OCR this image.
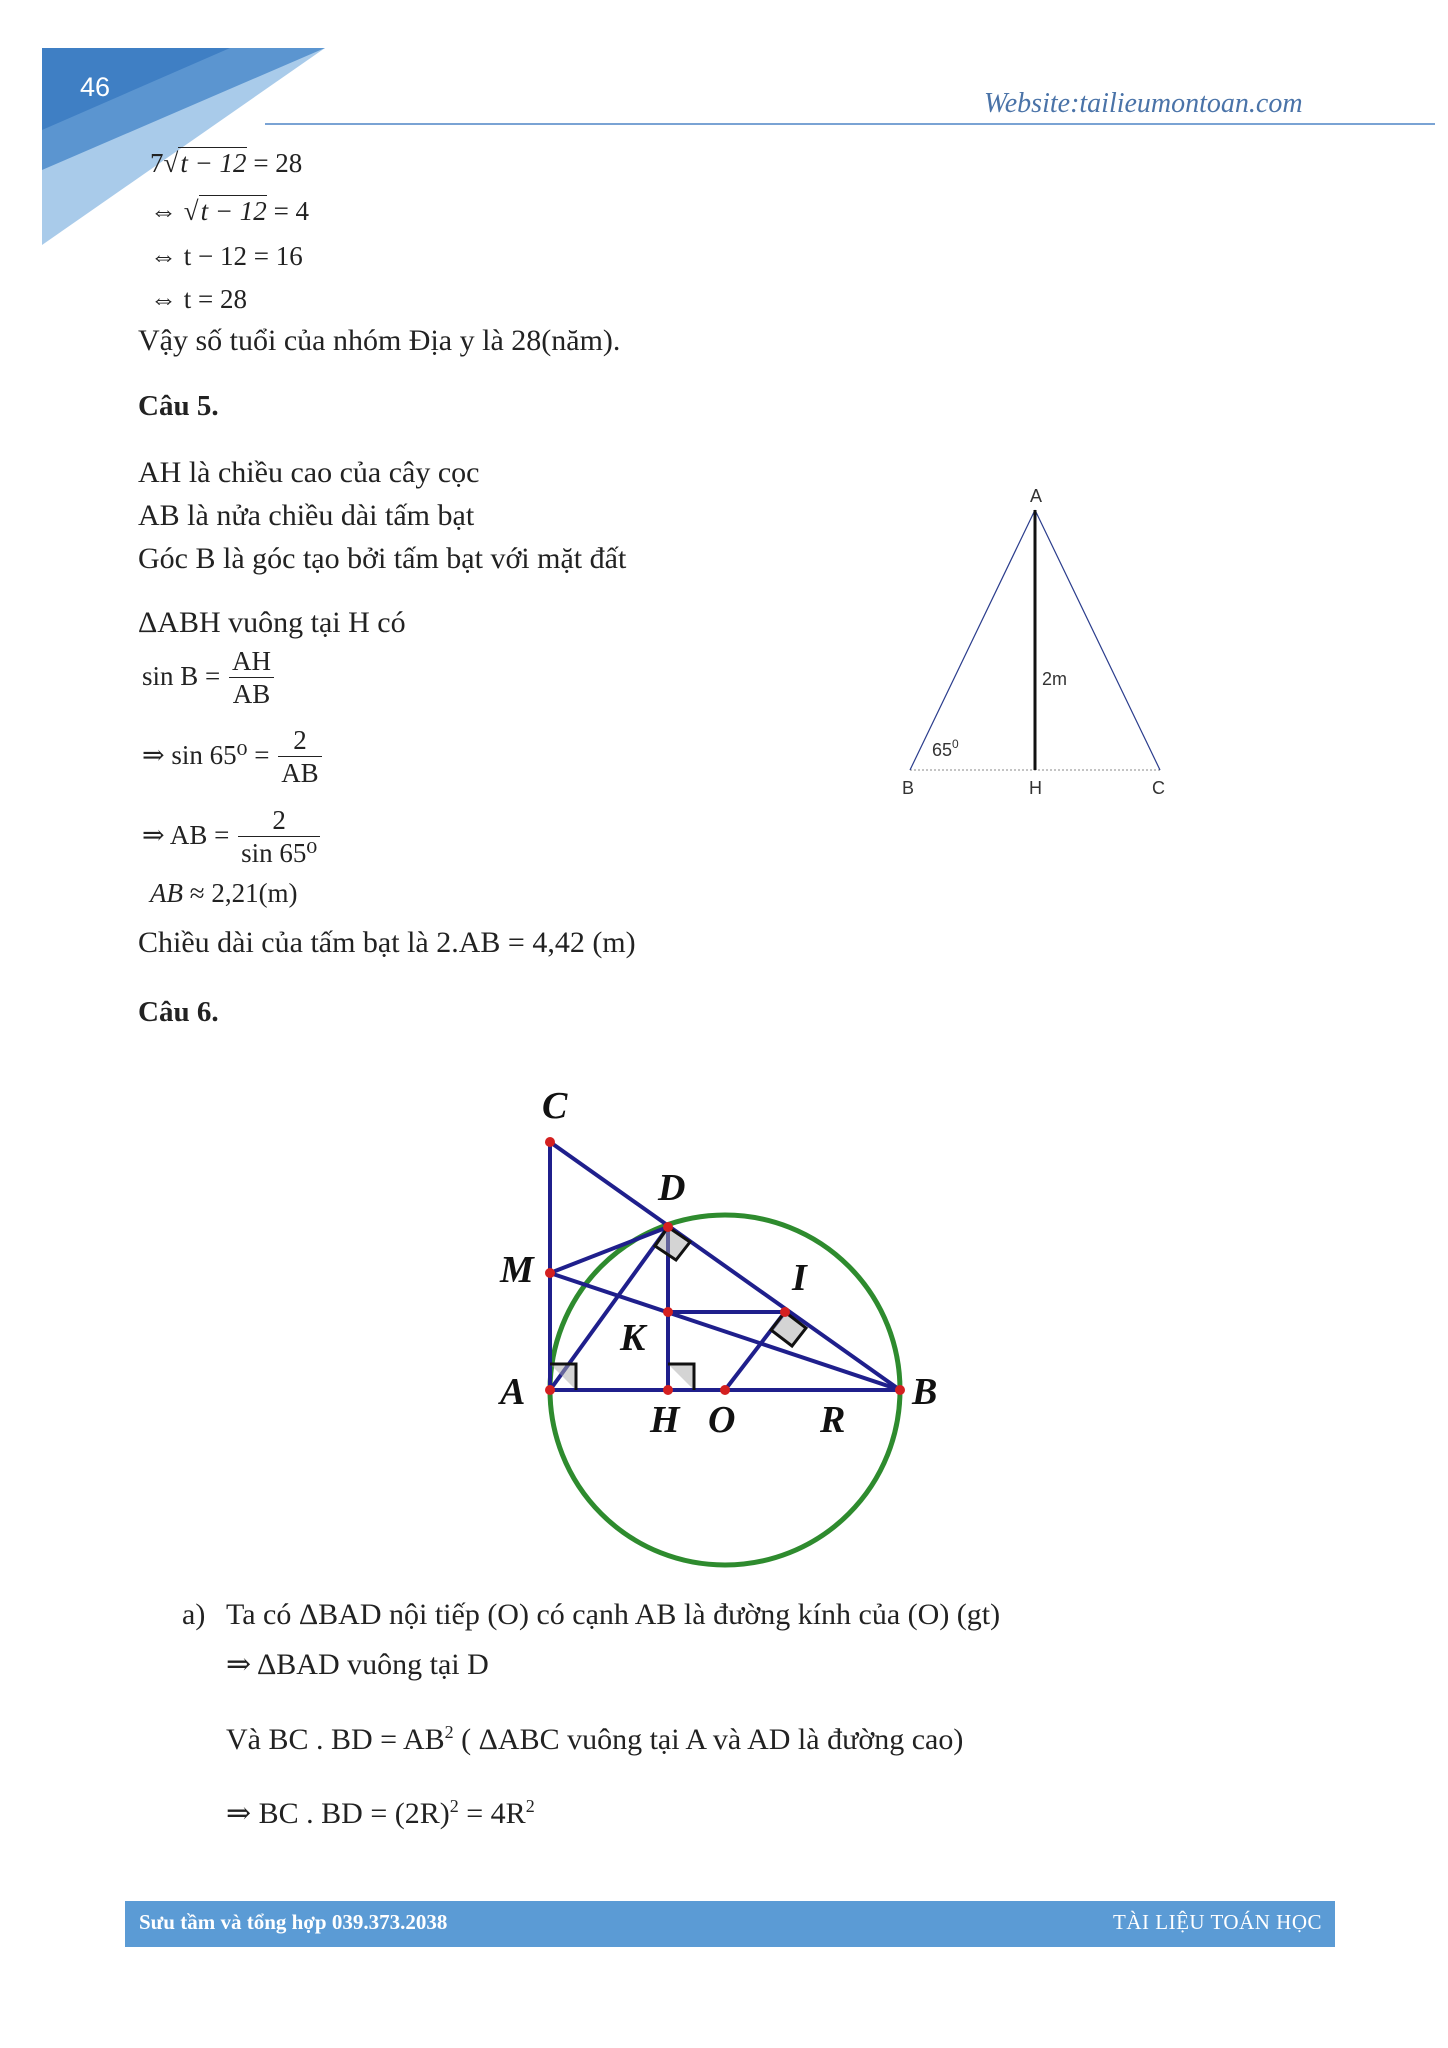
46
Website:tailieumontoan.com
7√t − 12 = 28
⇔ √t − 12 = 4
⇔ t − 12 = 16
⇔ t = 28
Vậy số tuổi của nhóm Địa y là 28(năm).
Câu 5.
AH là chiều cao của cây cọc
AB là nửa chiều dài tấm bạt
Góc B là góc tạo bởi tấm bạt với mặt đất
ΔABH vuông tại H có
$\sin B = \frac{AH}{AB}$
⇒ $\sin 65^0 = \frac{2}{AB}$
⇒ AB = $\frac{2}{\text{sin 65⁰}}$
AB ≈ 2,21(m)
Chiều dài của tấm bạt là 2.AB = 4,42 (m)
A
B	H	C
2m
65 0
Câu 6.
C
D
M	I
K
A	B
H O R
a) Ta có ΔBAD nội tiếp (O) có cạnh AB là đường kính của (O) (gt)
⇒ ΔBAD vuông tại D
Và BC . BD = $AB^2$ ( ΔABC vuông tại A và AD là đường cao)
⇒ BC . BD = $(2R)^2 = 4R^2$
Sưu tầm và tổng hợp 039.373.2038	TÀI LIỆU TOÁN HỌC
